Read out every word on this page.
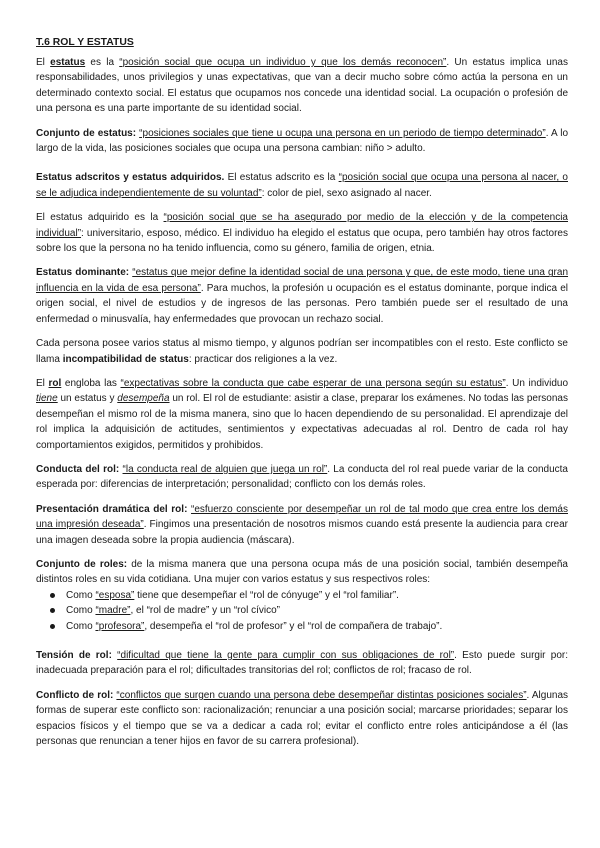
T.6 ROL Y ESTATUS

El estatus es la “posición social que ocupa un individuo y que los demás reconocen”. Un estatus implica unas responsabilidades, unos privilegios y unas expectativas, que van a decir mucho sobre cómo actúa la persona en un determinado contexto social. El estatus que ocupamos nos concede una identidad social. La ocupación o profesión de una persona es una parte importante de su identidad social.

Conjunto de estatus: “posiciones sociales que tiene u ocupa una persona en un periodo de tiempo determinado”. A lo largo de la vida, las posiciones sociales que ocupa una persona cambian: niño > adulto.

Estatus adscritos y estatus adquiridos. El estatus adscrito es la “posición social que ocupa una persona al nacer, o se le adjudica independientemente de su voluntad”: color de piel, sexo asignado al nacer.

El estatus adquirido es la “posición social que se ha asegurado por medio de la elección y de la competencia individual”: universitario, esposo, médico. El individuo ha elegido el estatus que ocupa, pero también hay otros factores sobre los que la persona no ha tenido influencia, como su género, familia de origen, etnia.

Estatus dominante: “estatus que mejor define la identidad social de una persona y que, de este modo, tiene una gran influencia en la vida de esa persona”. Para muchos, la profesión u ocupación es el estatus dominante, porque indica el origen social, el nivel de estudios y de ingresos de las personas. Pero también puede ser el resultado de una enfermedad o minusvalía, hay enfermedades que provocan un rechazo social.

Cada persona posee varios status al mismo tiempo, y algunos podrían ser incompatibles con el resto. Este conflicto se llama incompatibilidad de status: practicar dos religiones a la vez.

El rol engloba las “expectativas sobre la conducta que cabe esperar de una persona según su estatus”. Un individuo tiene un estatus y desempeña un rol. El rol de estudiante: asistir a clase, preparar los exámenes. No todas las personas desempeñan el mismo rol de la misma manera, sino que lo hacen dependiendo de su personalidad. El aprendizaje del rol implica la adquisición de actitudes, sentimientos y expectativas adecuadas al rol. Dentro de cada rol hay comportamientos exigidos, permitidos y prohibidos.

Conducta del rol: “la conducta real de alguien que juega un rol”. La conducta del rol real puede variar de la conducta esperada por: diferencias de interpretación; personalidad; conflicto con los demás roles.

Presentación dramática del rol: “esfuerzo consciente por desempeñar un rol de tal modo que crea entre los demás una impresión deseada”. Fingimos una presentación de nosotros mismos cuando está presente la audiencia para crear una imagen deseada sobre la propia audiencia (máscara).

Conjunto de roles: de la misma manera que una persona ocupa más de una posición social, también desempeña distintos roles en su vida cotidiana. Una mujer con varios estatus y sus respectivos roles:

Como “esposa” tiene que desempeñar el “rol de cónyuge” y el “rol familiar”.
Como “madre”, el “rol de madre” y un “rol cívico”
Como “profesora”, desempeña el “rol de profesor” y el “rol de compañera de trabajo”.

Tensión de rol: “dificultad que tiene la gente para cumplir con sus obligaciones de rol”. Esto puede surgir por: inadecuada preparación para el rol; dificultades transitorias del rol; conflictos de rol; fracaso de rol.

Conflicto de rol: “conflictos que surgen cuando una persona debe desempeñar distintas posiciones sociales”. Algunas formas de superar este conflicto son: racionalización; renunciar a una posición social; marcarse prioridades; separar los espacios físicos y el tiempo que se va a dedicar a cada rol; evitar el conflicto entre roles anticipándose a él (las personas que renuncian a tener hijos en favor de su carrera profesional).
